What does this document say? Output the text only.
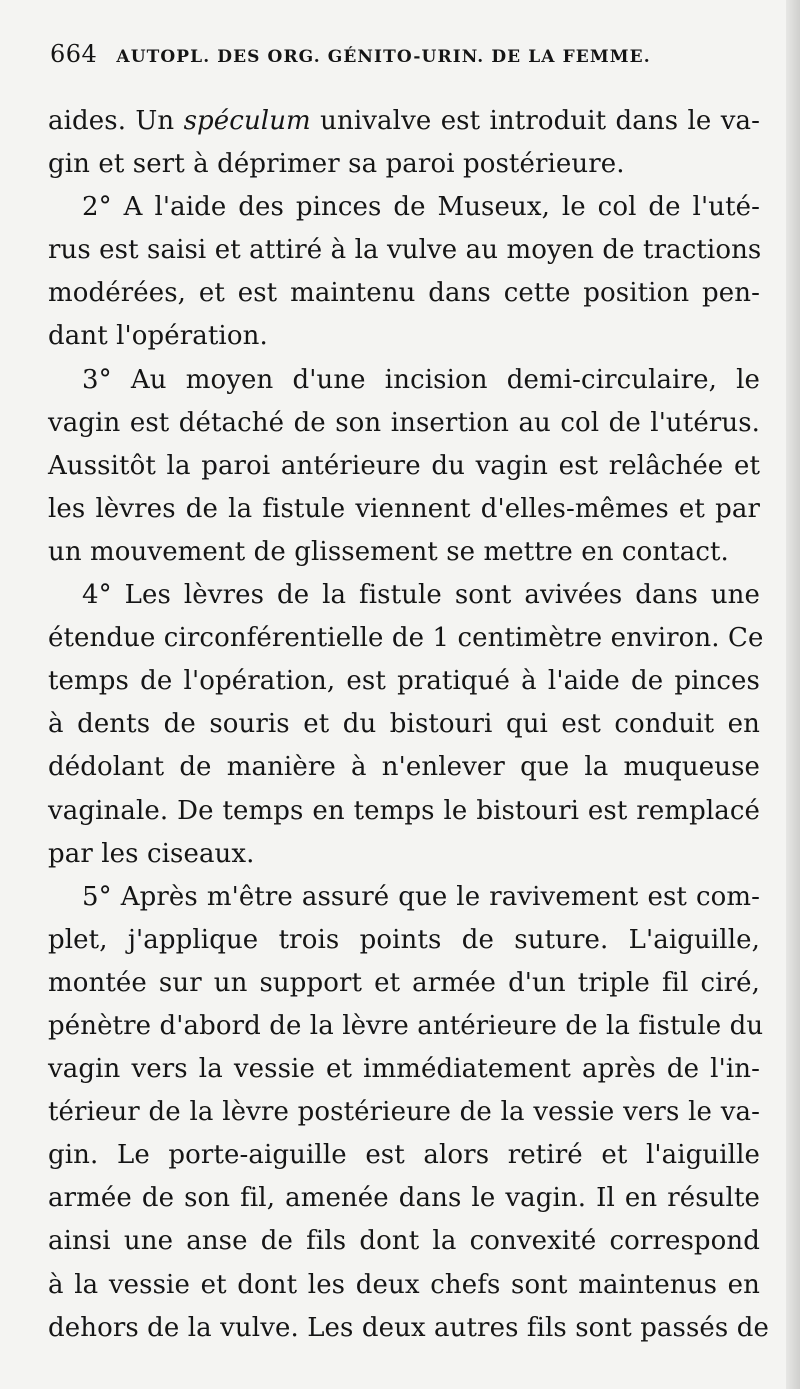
664 AUTOPL. DES ORG. GÉNITO-URIN. DE LA FEMME.
aides. Un spéculum univalve est introduit dans le va-
gin et sert à déprimer sa paroi postérieure.
2° A l'aide des pinces de Museux, le col de l'uté-
rus est saisi et attiré à la vulve au moyen de tractions
modérées, et est maintenu dans cette position pen-
dant l'opération.
3° Au moyen d'une incision demi-circulaire, le
vagin est détaché de son insertion au col de l'utérus.
Aussitôt la paroi antérieure du vagin est relâchée et
les lèvres de la fistule viennent d'elles-mêmes et par
un mouvement de glissement se mettre en contact.
4° Les lèvres de la fistule sont avivées dans une
étendue circonférentielle de 1 centimètre environ. Ce
temps de l'opération, est pratiqué à l'aide de pinces
à dents de souris et du bistouri qui est conduit en
dédolant de manière à n'enlever que la muqueuse
vaginale. De temps en temps le bistouri est remplacé
par les ciseaux.
5° Après m'être assuré que le ravivement est com-
plet, j'applique trois points de suture. L'aiguille,
montée sur un support et armée d'un triple fil ciré,
pénètre d'abord de la lèvre antérieure de la fistule du
vagin vers la vessie et immédiatement après de l'in-
térieur de la lèvre postérieure de la vessie vers le va-
gin. Le porte-aiguille est alors retiré et l'aiguille
armée de son fil, amenée dans le vagin. Il en résulte
ainsi une anse de fils dont la convexité correspond
à la vessie et dont les deux chefs sont maintenus en
dehors de la vulve. Les deux autres fils sont passés de
